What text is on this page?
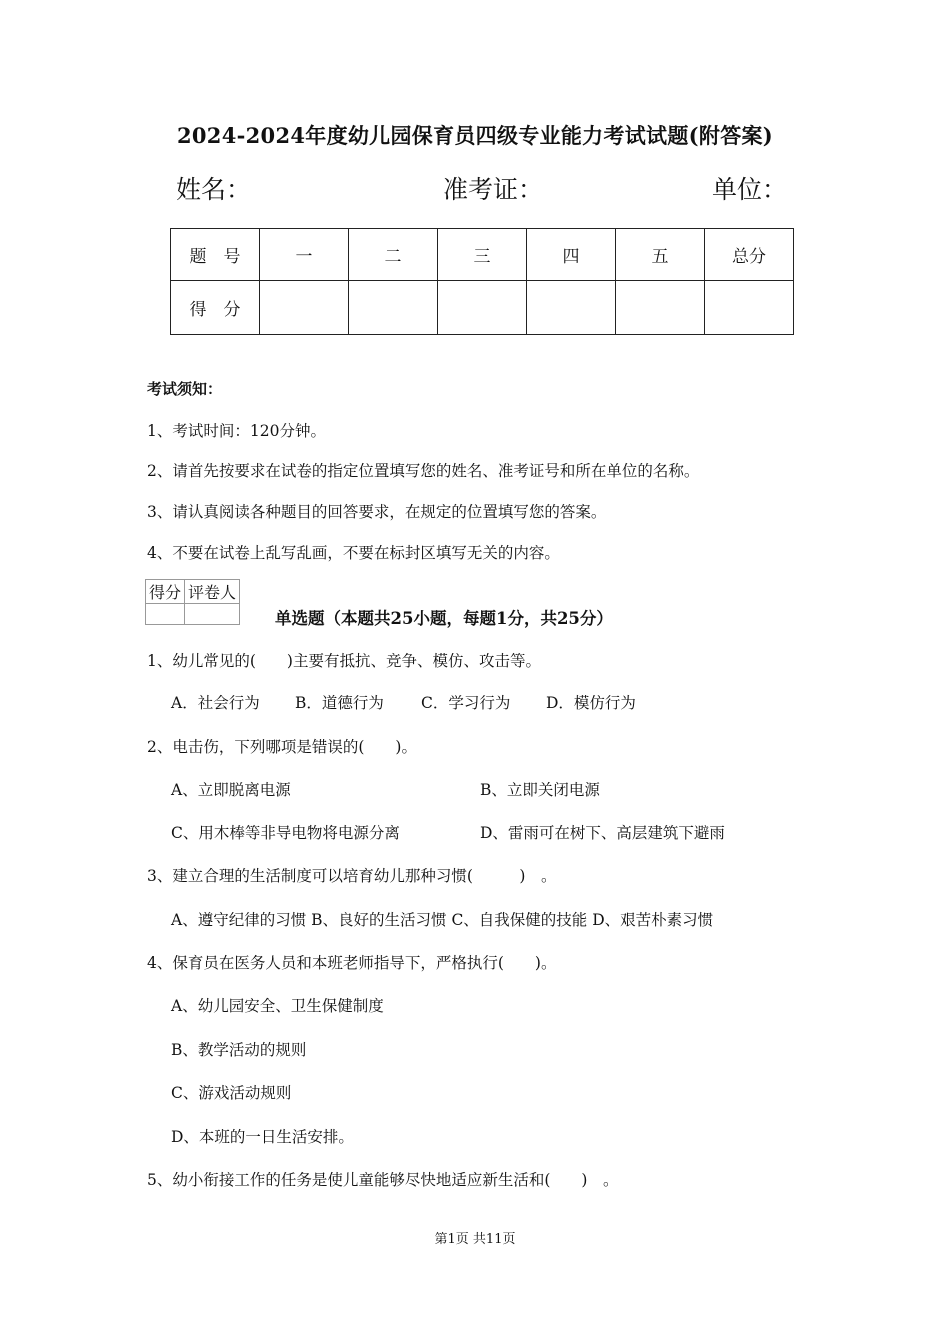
2024-2024年度幼儿园保育员四级专业能力考试试题(附答案)
姓名：	准考证：	单位：
题　号	一	二	三	四	五	总分
得　分						
考试须知：
1、考试时间：120分钟。
2、请首先按要求在试卷的指定位置填写您的姓名、准考证号和所在单位的名称。
3、请认真阅读各种题目的回答要求，在规定的位置填写您的答案。
4、不要在试卷上乱写乱画，不要在标封区填写无关的内容。
得分	评卷人

单选题（本题共25小题，每题1分，共25分）
1、幼儿常见的(　　)主要有抵抗、竞争、模仿、攻击等。
A．社会行为 B．道德行为 C．学习行为 D．模仿行为
2、电击伤，下列哪项是错误的(　　)。
A、立即脱离电源	B、立即关闭电源
C、用木棒等非导电物将电源分离	D、雷雨可在树下、高层建筑下避雨
3、建立合理的生活制度可以培育幼儿那种习惯(　　　)　。
A、遵守纪律的习惯 B、良好的生活习惯 C、自我保健的技能 D、艰苦朴素习惯
4、保育员在医务人员和本班老师指导下，严格执行(　　)。
A、幼儿园安全、卫生保健制度
B、教学活动的规则
C、游戏活动规则
D、本班的一日生活安排。
5、幼小衔接工作的任务是使儿童能够尽快地适应新生活和(　　)　。
第1页 共11页
